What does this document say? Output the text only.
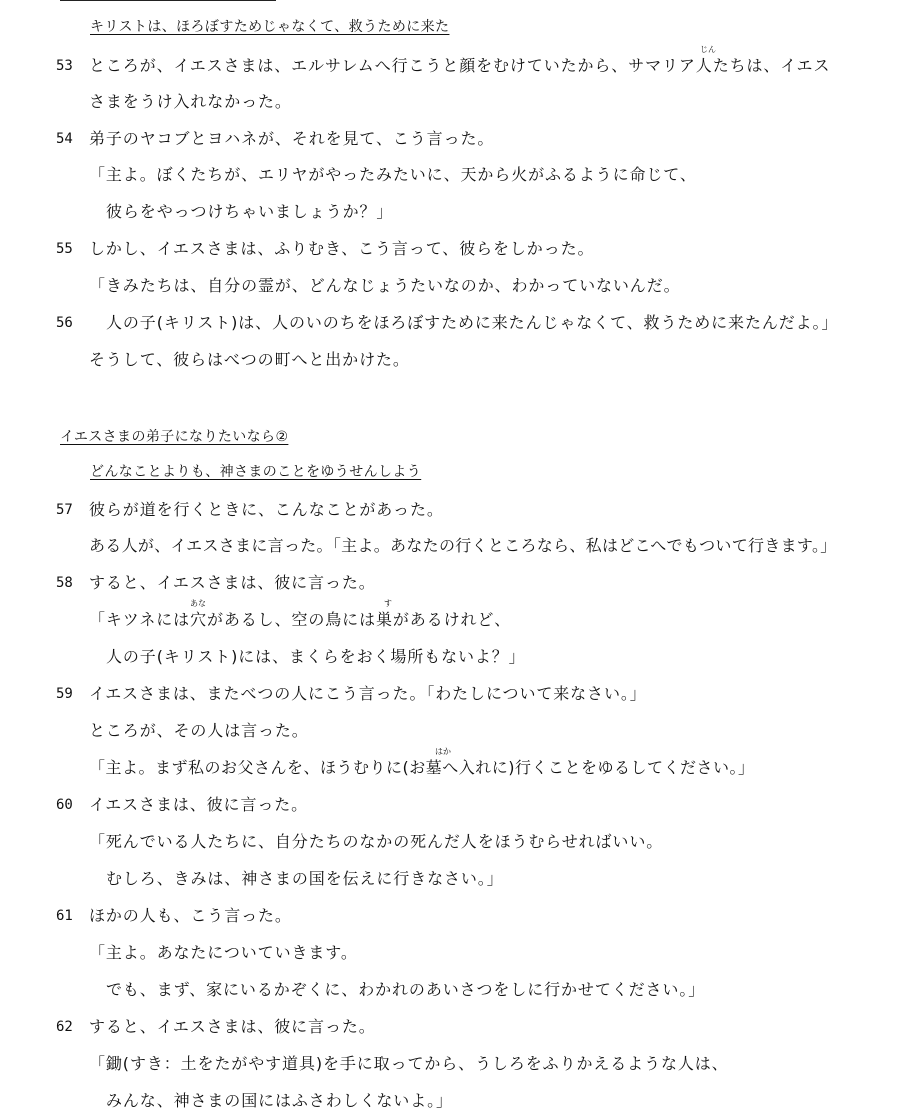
キリストは、ほろぼすためじゃなくて、救うために来た
53 ところが、イエスさまは、エルサレムへ行こうと顔をむけていたから、サマリア人たちは、イエス
じん
さまをうけ入れなかった。
54 弟子のヤコブとヨハネが、それを見て、こう言った。
「主よ。ぼくたちが、エリヤがやったみたいに、天から火がふるように命じて、
彼らをやっつけちゃいましょうか？」
55 しかし、イエスさまは、ふりむき、こう言って、彼らをしかった。
「きみたちは、自分の霊が、どんなじょうたいなのか、わかっていないんだ。
56 人の子(キリスト)は、人のいのちをほろぼすために来たんじゃなくて、救うために来たんだよ。」
そうして、彼らはべつの町へと出かけた。
イエスさまの弟子になりたいなら②
どんなことよりも、神さまのことをゆうせんしよう
57 彼らが道を行くときに、こんなことがあった。
ある人が、イエスさまに言った。「主よ。あなたの行くところなら、私はどこへでもついて行きます。」
58 すると、イエスさまは、彼に言った。
「キツネには穴があるし、空の鳥には巣があるけれど、
あな	す
人の子(キリスト)には、まくらをおく場所もないよ？」
59 イエスさまは、またべつの人にこう言った。「わたしについて来なさい。」
ところが、その人は言った。
「主よ。まず私のお父さんを、ほうむりに(お墓へ入れに)行くことをゆるしてください。」
はか
60 イエスさまは、彼に言った。
「死んでいる人たちに、自分たちのなかの死んだ人をほうむらせればいい。
むしろ、きみは、神さまの国を伝えに行きなさい。」
61 ほかの人も、こう言った。
「主よ。あなたについていきます。
でも、まず、家にいるかぞくに、わかれのあいさつをしに行かせてください。」
62 すると、イエスさまは、彼に言った。
「鋤(すき：土をたがやす道具)を手に取ってから、うしろをふりかえるような人は、
みんな、神さまの国にはふさわしくないよ。」
